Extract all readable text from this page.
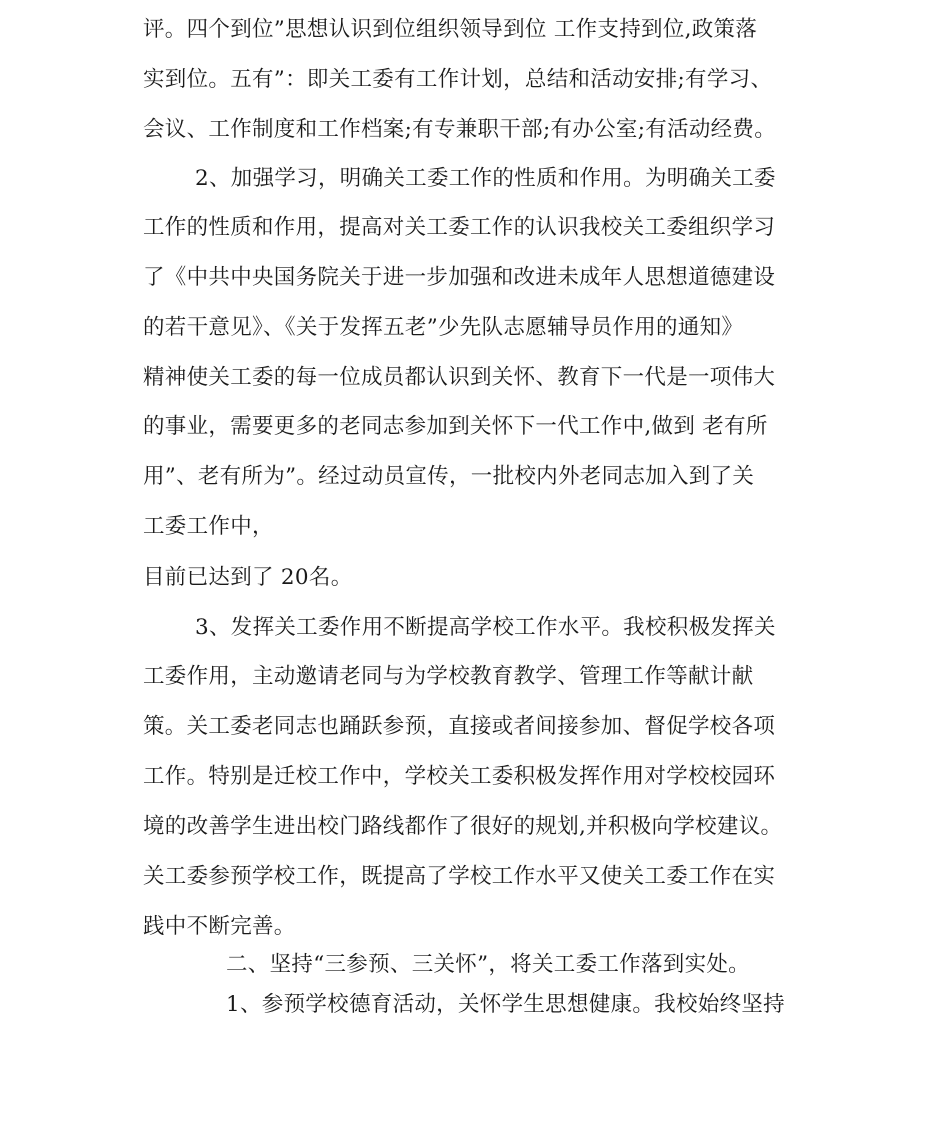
评。四个到位”思想认识到位组织领导到位 工作支持到位,政策落
实到位。五有”：即关工委有工作计划，总结和活动安排;有学习、
会议、工作制度和工作档案;有专兼职干部;有办公室;有活动经费。
2、加强学习，明确关工委工作的性质和作用。为明确关工委
工作的性质和作用，提高对关工委工作的认识我校关工委组织学习
了《中共中央国务院关于进一步加强和改进未成年人思想道德建设
的若干意见》、《关于发挥五老”少先队志愿辅导员作用的通知》
精神使关工委的每一位成员都认识到关怀、教育下一代是一项伟大
的事业，需要更多的老同志参加到关怀下一代工作中,做到 老有所
用”、老有所为”。经过动员宣传，一批校内外老同志加入到了关
工委工作中，
目前已达到了 20名。
3、发挥关工委作用不断提高学校工作水平。我校积极发挥关
工委作用，主动邀请老同与为学校教育教学、管理工作等献计献
策。关工委老同志也踊跃参预，直接或者间接参加、督促学校各项
工作。特别是迁校工作中，学校关工委积极发挥作用对学校校园环
境的改善学生进出校门路线都作了很好的规划,并积极向学校建议。
关工委参预学校工作，既提高了学校工作水平又使关工委工作在实
践中不断完善。
二、坚持“三参预、三关怀”，将关工委工作落到实处。
1、参预学校德育活动，关怀学生思想健康。我校始终坚持
